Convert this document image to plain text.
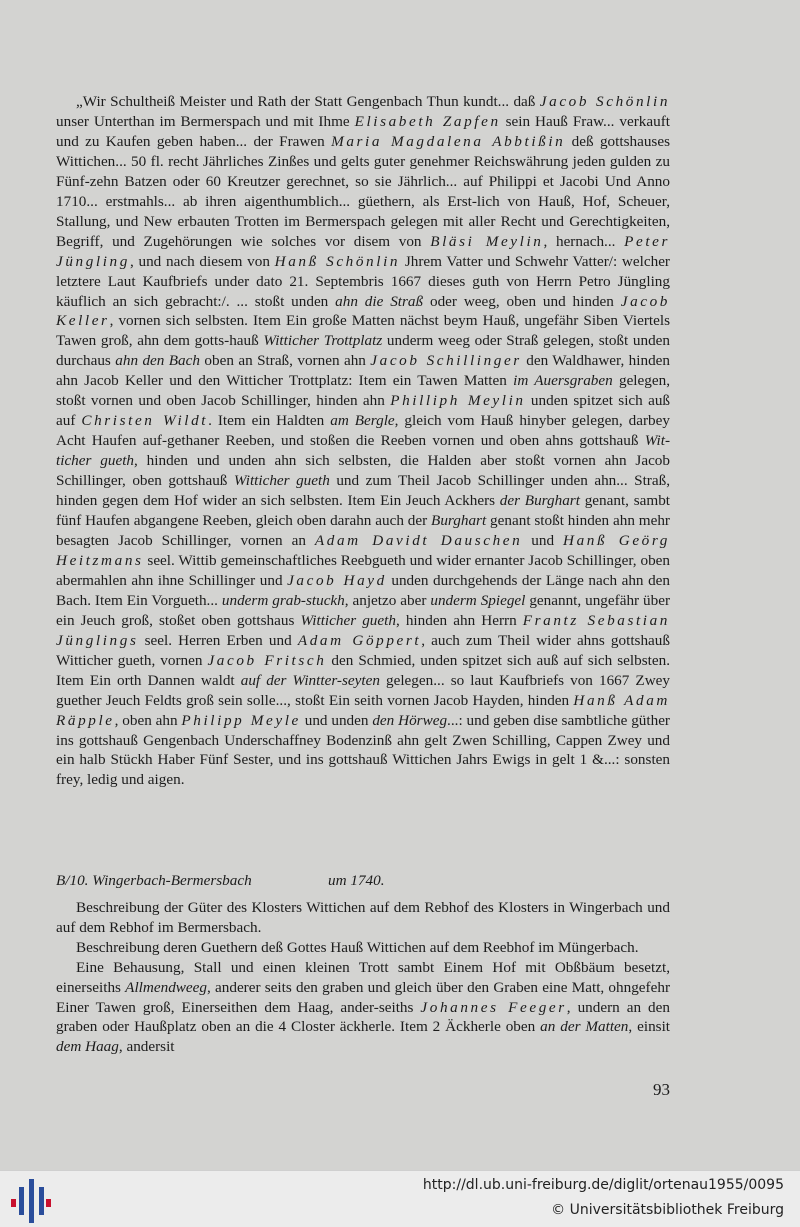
„Wir Schultheiß Meister und Rath der Statt Gengenbach Thun kundt... daß Jacob Schönlin unser Unterthan im Bermerspach und mit Ihme Elisabeth Zapfen sein Hauß Fraw... verkauft und zu Kaufen geben haben... der Frawen Maria Magdalena Abbtißin deß gottshauses Wittichen... 50 fl. recht Jährliches Zinßes und gelts guter genehmer Reichswährung jeden gulden zu Fünf-zehn Batzen oder 60 Kreutzer gerechnet, so sie Jährlich... auf Philippi et Jacobi Und Anno 1710... erstmahls... ab ihren aigenthumblich... güethern, als Erst-lich von Hauß, Hof, Scheuer, Stallung, und New erbauten Trotten im Bermerspach gelegen mit aller Recht und Gerechtigkeiten, Begriff, und Zugehörungen wie solches vor disem von Bläsi Meylin, hernach... Peter Jüngling, und nach diesem von Hanß Schönlin Jhrem Vatter und Schwehr Vatter/: welcher letztere Laut Kaufbriefs under dato 21. Septembris 1667 dieses guth von Herrn Petro Jüngling käuflich an sich gebracht:/. ... stoßt unden ahn die Straß oder weeg, oben und hinden Jacob Keller, vornen sich selbsten. Item Ein große Matten nächst beym Hauß, ungefähr Siben Viertels Tawen groß, ahn dem gotts-hauß Witticher Trottplatz underm weeg oder Straß gelegen, stoßt unden durchaus ahn den Bach oben an Straß, vornen ahn Jacob Schillinger den Waldhawer, hinden ahn Jacob Keller und den Witticher Trottplatz: Item ein Tawen Matten im Auersgraben gelegen, stoßt vornen und oben Jacob Schillinger, hinden ahn Philliph Meylin unden spitzet sich auß auf Christen Wildt. Item ein Haldten am Bergle, gleich vom Hauß hinyber gelegen, darbey Acht Haufen auf-gethaner Reeben, und stoßen die Reeben vornen und oben ahns gottshauß Wit-ticher gueth, hinden und unden ahn sich selbsten, die Halden aber stoßt vornen ahn Jacob Schillinger, oben gottshauß Witticher gueth und zum Theil Jacob Schillinger unden ahn... Straß, hinden gegen dem Hof wider an sich selbsten. Item Ein Jeuch Ackhers der Burghart genant, sambt fünf Haufen abgangene Reeben, gleich oben darahn auch der Burghart genant stoßt hinden ahn mehr besagten Jacob Schillinger, vornen an Adam Davidt Dauschen und Hanß Geörg Heitzmans seel. Wittib gemeinschaftliches Reebgueth und wider ernanter Jacob Schillinger, oben abermahlen ahn ihne Schillinger und Jacob Hayd unden durchgehends der Länge nach ahn den Bach. Item Ein Vorgueth... underm grab-stuckh, anjetzo aber underm Spiegel genannt, ungefähr über ein Jeuch groß, stoßet oben gottshaus Witticher gueth, hinden ahn Herrn Frantz Sebastian Jünglings seel. Herren Erben und Adam Göppert, auch zum Theil wider ahns gottshauß Witticher gueth, vornen Jacob Fritsch den Schmied, unden spitzet sich auß auf sich selbsten. Item Ein orth Dannen waldt auf der Wintter-seyten gelegen... so laut Kaufbriefs von 1667 Zwey guether Jeuch Feldts groß sein solle..., stoßt Ein seith vornen Jacob Hayden, hinden Hanß Adam Räpple, oben ahn Philipp Meyle und unden den Hörweg...: und geben dise sambtliche güther ins gottshauß Gengenbach Underschaffney Bodenzinß ahn gelt Zwen Schilling, Cappen Zwey und ein halb Stückh Haber Fünf Sester, und ins gottshauß Wittichen Jahrs Ewigs in gelt 1 &...: sonsten frey, ledig und aigen.

B/10. Wingerbach-Bermersbach	um 1740.

Beschreibung der Güter des Klosters Wittichen auf dem Rebhof des Klosters in Wingerbach und auf dem Rebhof im Bermersbach.

Beschreibung deren Guethern deß Gottes Hauß Wittichen auf dem Reebhof im Müngerbach.

Eine Behausung, Stall und einen kleinen Trott sambt Einem Hof mit Obßbäum besetzt, einerseiths Allmendweeg, anderer seits den graben und gleich über den Graben eine Matt, ohngefehr Einer Tawen groß, Einerseithen dem Haag, ander-seiths Johannes Feeger, undern an den graben oder Haußplatz oben an die 4 Closter äckherle. Item 2 Äckherle oben an der Matten, einsit dem Haag, andersit

93
http://dl.ub.uni-freiburg.de/diglit/ortenau1955/0095
© Universitätsbibliothek Freiburg
